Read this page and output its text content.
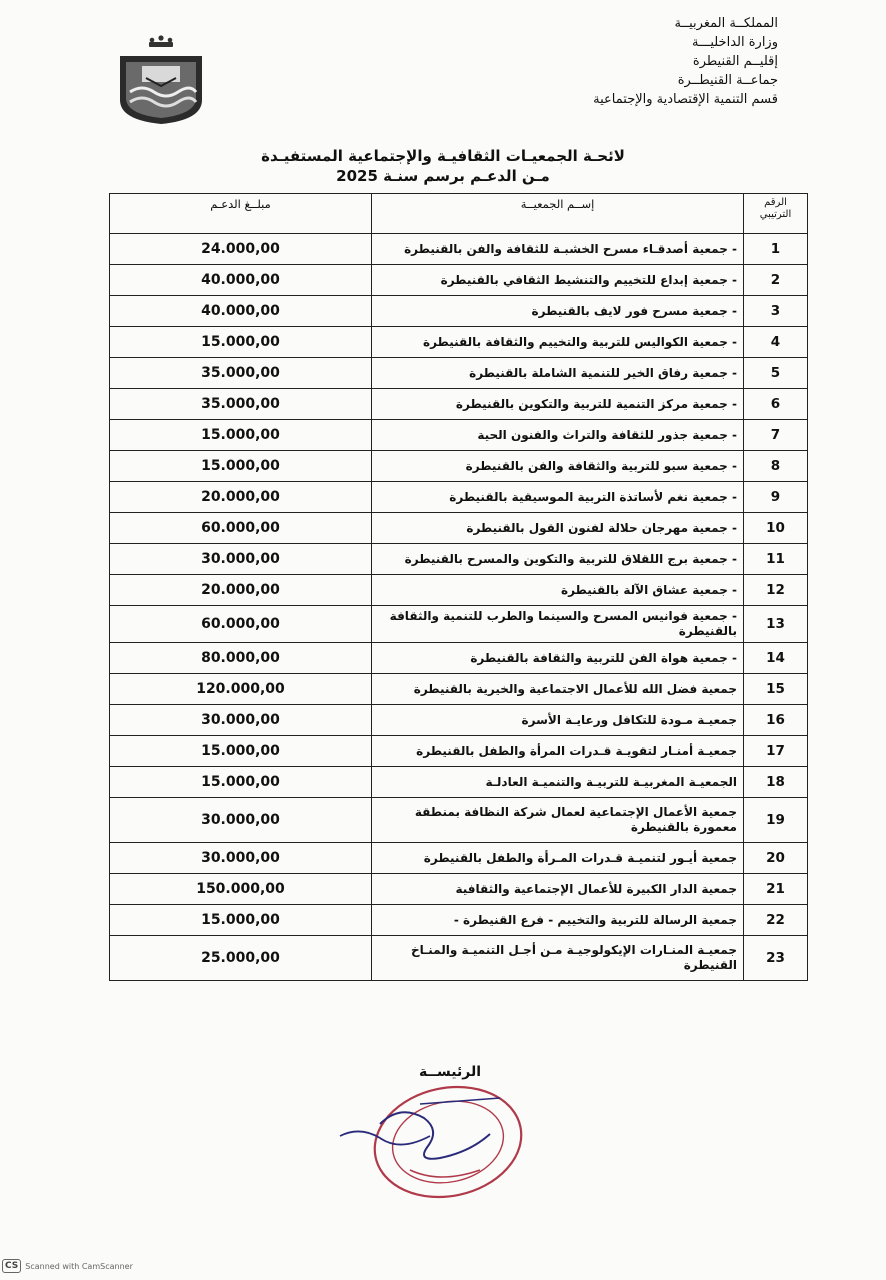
المملكــة المغربيــة
وزارة الداخليـــة
إقليــم القنيطرة
جماعــة القنيطــرة
قسم التنمية الإقتصادية والإجتماعية
لائحـة الجمعيـات الثقافيـة والإجتماعية المستفيـدة
مـن الدعـم برسم سنـة 2025
الرقم الترتيبي	إســم الجمعيــة	مبلــغ الدعـم
1	- جمعية أصدقـاء مسرح الخشبـة للثقافة والفن بالقنيطرة	24.000,00
2	- جمعية إبداع للتخييم والتنشيط الثقافي بالقنيطرة	40.000,00
3	- جمعية مسرح فور لايف بالقنيطرة	40.000,00
4	- جمعية الكواليس للتربية والتخييم والثقافة بالقنيطرة	15.000,00
5	- جمعية رفاق الخير للتنمية الشاملة بالقنيطرة	35.000,00
6	- جمعية مركز التنمية للتربية والتكوين بالقنيطرة	35.000,00
7	- جمعية جذور للثقافة والتراث والفنون الحية	15.000,00
8	- جمعية سبو للتربية والثقافة والفن بالقنيطرة	15.000,00
9	- جمعية نغم لأساتذة التربية الموسيقية بالقنيطرة	20.000,00
10	- جمعية مهرجان حلالة لفنون القول بالقنيطرة	60.000,00
11	- جمعية برج اللقلاق للتربية والتكوين والمسرح بالقنيطرة	30.000,00
12	- جمعية عشاق الآلة بالقنيطرة	20.000,00
13	- جمعية فوانيس المسرح والسينما والطرب للتنمية والثقافة بالقنيطرة	60.000,00
14	- جمعية هواة الفن للتربية والثقافة بالقنيطرة	80.000,00
15	جمعية فضل الله للأعمال الاجتماعية والخيرية بالقنيطرة	120.000,00
16	جمعيـة مـودة للتكافل ورعايـة الأسرة	30.000,00
17	جمعيـة أمنـار لتقويـة قـدرات المرأة والطفل بالقنيطرة	15.000,00
18	الجمعيـة المغربيـة للتربيـة والتنميـة العادلـة	15.000,00
19	جمعية الأعمال الإجتماعية لعمال شركة النظافة بمنطقة معمورة بالقنيطرة	30.000,00
20	جمعية أيـور لتنميـة قـدرات المـرأة والطفل بالقنيطرة	30.000,00
21	جمعية الدار الكبيرة للأعمال الإجتماعية والثقافية	150.000,00
22	جمعية الرسالة للتربية والتخييم - فرع القنيطرة -	15.000,00
23	جمعيـة المنـارات الإيكولوجيـة مـن أجـل التنميـة والمنـاخ القنيطرة	25.000,00
الرئيســة
CS Scanned with CamScanner
